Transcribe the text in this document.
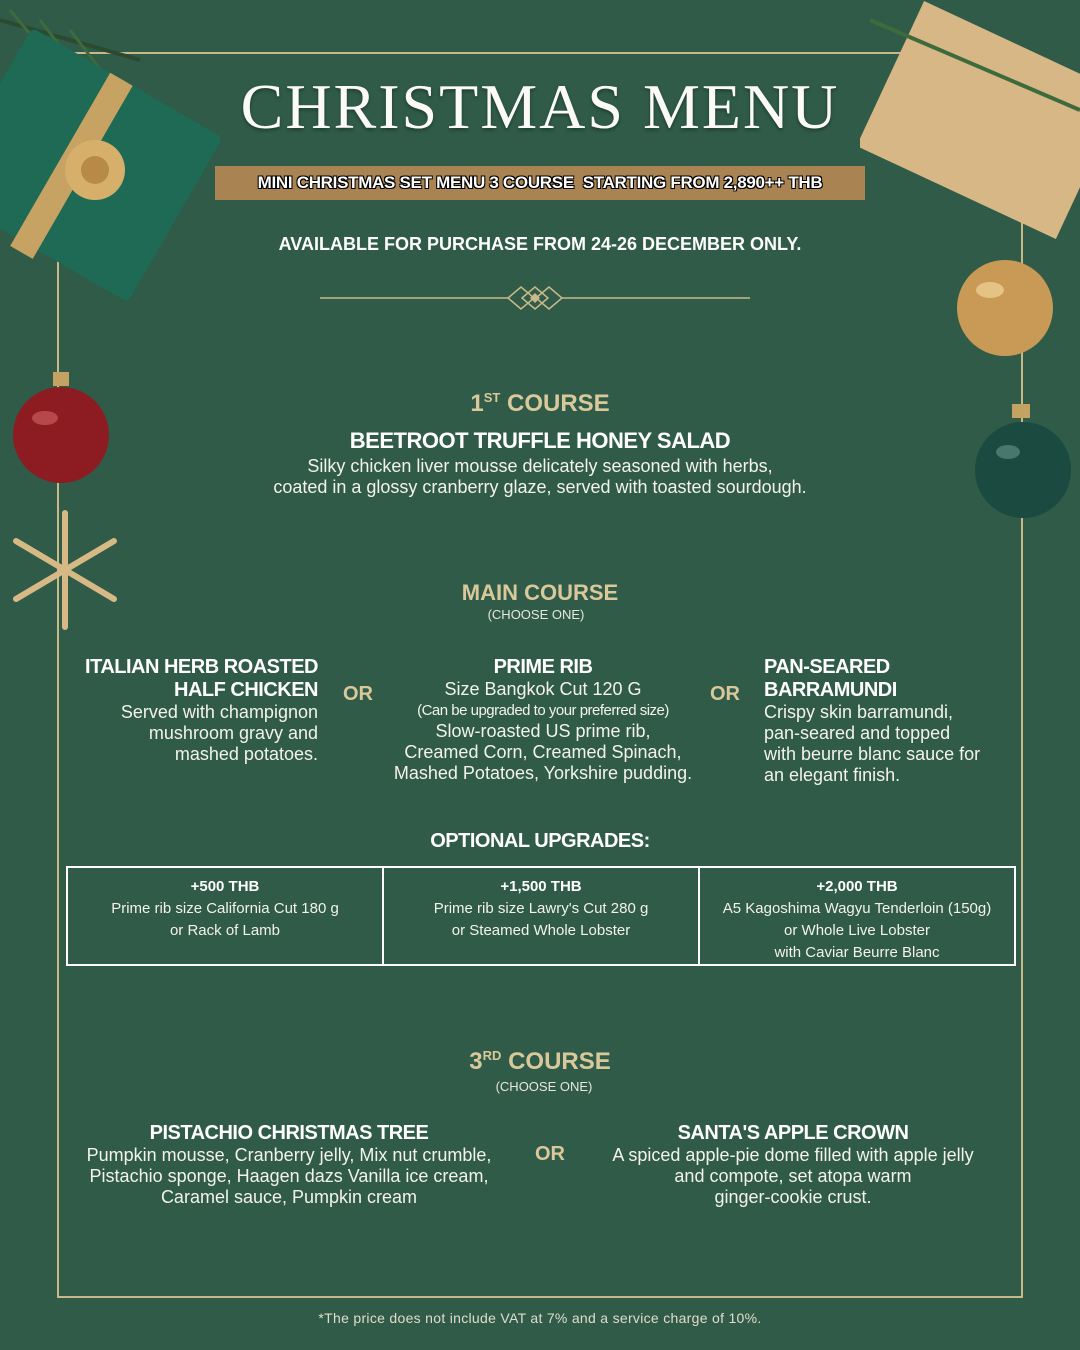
CHRISTMAS MENU
MINI CHRISTMAS SET MENU 3 COURSE  STARTING FROM 2,890++ THB
AVAILABLE FOR PURCHASE FROM 24-26 DECEMBER ONLY.
1ST COURSE
BEETROOT TRUFFLE HONEY SALAD
Silky chicken liver mousse delicately seasoned with herbs,
coated in a glossy cranberry glaze, served with toasted sourdough.
MAIN COURSE
(CHOOSE ONE)
ITALIAN HERB ROASTED
HALF CHICKEN
Served with champignon
mushroom gravy and
mashed potatoes.
OR
PRIME RIB
Size Bangkok Cut 120 G
(Can be upgraded to your preferred size)
Slow-roasted US prime rib,
Creamed Corn, Creamed Spinach,
Mashed Potatoes, Yorkshire pudding.
OR
PAN-SEARED
BARRAMUNDI
Crispy skin barramundi,
pan-seared and topped
with beurre blanc sauce for
an elegant finish.
OPTIONAL UPGRADES:
+500 THB
Prime rib size California Cut 180 g
or Rack of Lamb
+1,500 THB
Prime rib size Lawry's Cut 280 g
or Steamed Whole Lobster
+2,000 THB
A5 Kagoshima Wagyu Tenderloin (150g)
or Whole Live Lobster
with Caviar Beurre Blanc
3RD COURSE
(CHOOSE ONE)
PISTACHIO CHRISTMAS TREE
Pumpkin mousse, Cranberry jelly, Mix nut crumble,
Pistachio sponge, Haagen dazs Vanilla ice cream,
Caramel sauce, Pumpkin cream
OR
SANTA'S APPLE CROWN
A spiced apple-pie dome filled with apple jelly
and compote, set atopa warm
ginger-cookie crust.
*The price does not include VAT at 7% and a service charge of 10%.
